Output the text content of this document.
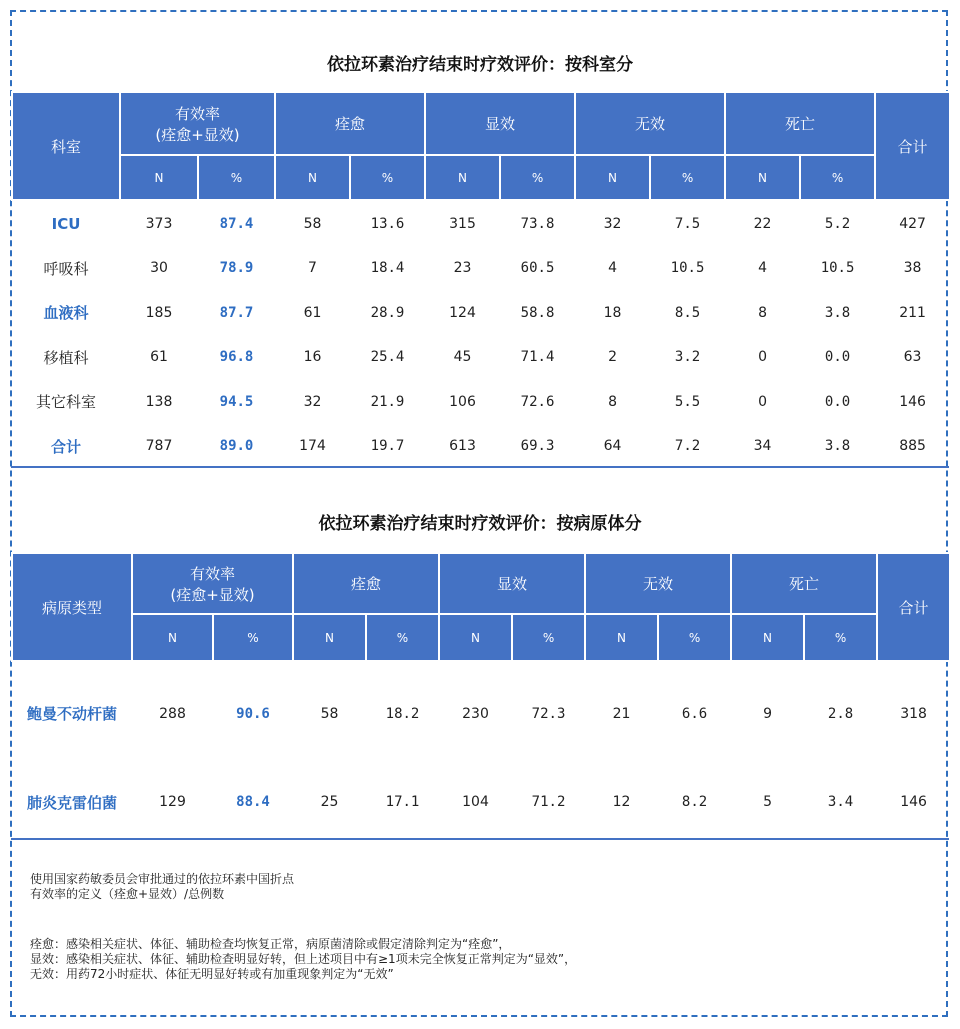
依拉环素治疗结束时疗效评价：按科室分
科室	有效率
(痊愈+显效)		痊愈		显效		无效		死亡		合计
	N	%	N	%	N	%	N	%	N	%	
ICU	373	87.4	58	13.6	315	73.8	32	7.5	22	5.2	427
呼吸科	30	78.9	7	18.4	23	60.5	4	10.5	4	10.5	38
血液科	185	87.7	61	28.9	124	58.8	18	8.5	8	3.8	211
移植科	61	96.8	16	25.4	45	71.4	2	3.2	0	0.0	63
其它科室	138	94.5	32	21.9	106	72.6	8	5.5	0	0.0	146
合计	787	89.0	174	19.7	613	69.3	64	7.2	34	3.8	885
依拉环素治疗结束时疗效评价：按病原体分
病原类型	有效率
(痊愈+显效)		痊愈		显效		无效		死亡		合计
	N	%	N	%	N	%	N	%	N	%	
鲍曼不动杆菌	288	90.6	58	18.2	230	72.3	21	6.6	9	2.8	318
肺炎克雷伯菌	129	88.4	25	17.1	104	71.2	12	8.2	5	3.4	146
使用国家药敏委员会审批通过的依拉环素中国折点
有效率的定义（痊愈+显效）/总例数
痊愈：感染相关症状、体征、辅助检查均恢复正常，病原菌清除或假定清除判定为“痊愈”，
显效：感染相关症状、体征、辅助检查明显好转，但上述项目中有≥1项未完全恢复正常判定为“显效”，
无效：用药72小时症状、体征无明显好转或有加重现象判定为“无效”
